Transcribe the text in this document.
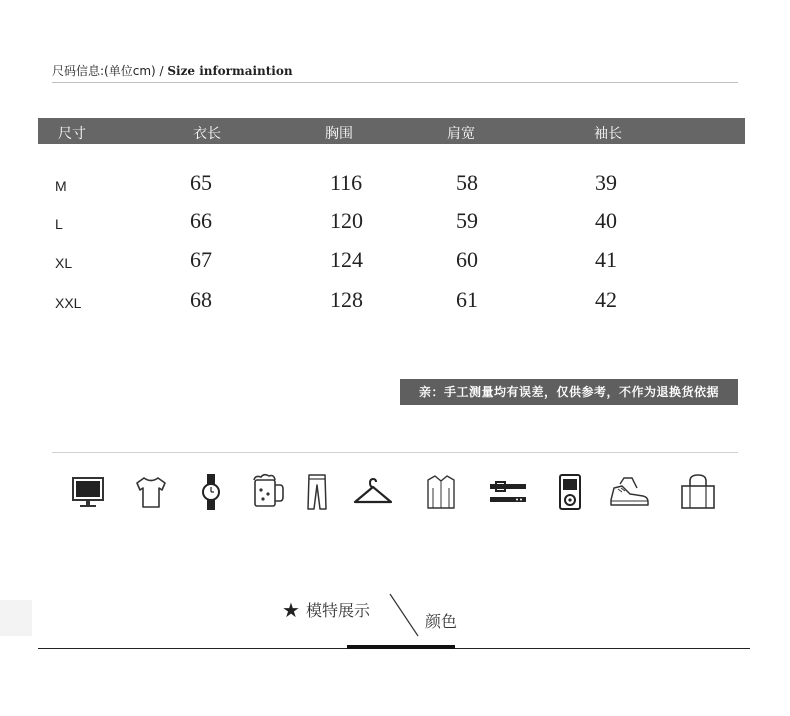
尺码信息:(单位cm) / Size informaintion
尺寸	衣长	胸围	肩宽	袖长
M	65	116	58	39
L	66	120	59	40
XL	67	124	60	41
XXL	68	128	61	42
亲：手工测量均有误差，仅供参考，不作为退换货依据
★ 模特展示
颜色
